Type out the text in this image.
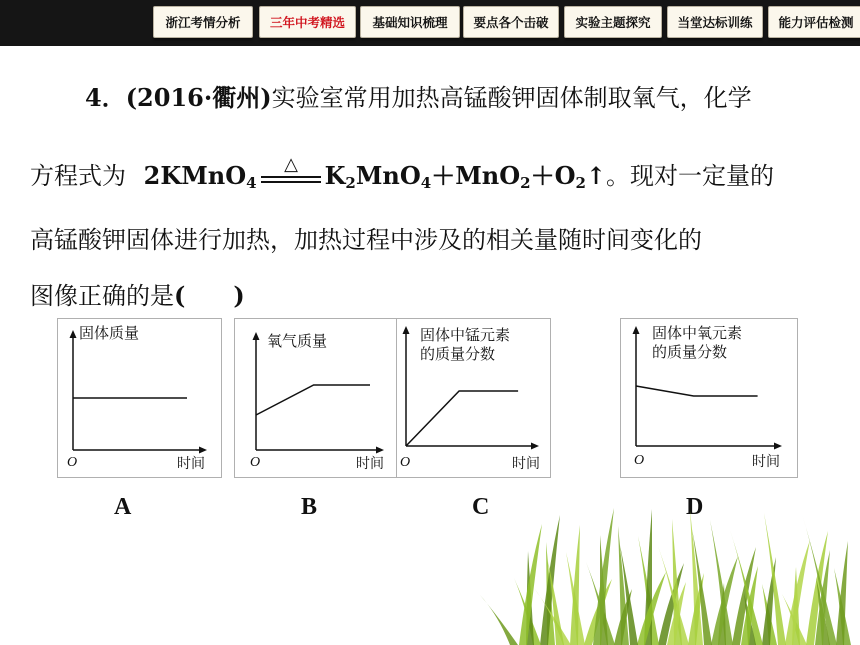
浙江考情分析	三年中考精选	基础知识梳理	要点各个击破	实验主题探究	当堂达标训练	能力评估检测
4．(2016·衢州)实验室常用加热高锰酸钾固体制取氧气，化学
方程式为 2KMnO$_4$
△ $K_2MnO_4+MnO_2+O_2↑$。现对一定量的
高锰酸钾固体进行加热，加热过程中涉及的相关量随时间变化的
图像正确的是(　　)
固体质量
时间
O
氧气质量
时间
O
固体中锰元素
的质量分数
时间
O
固体中氧元素
的质量分数
时间
O
A	B	C	D
